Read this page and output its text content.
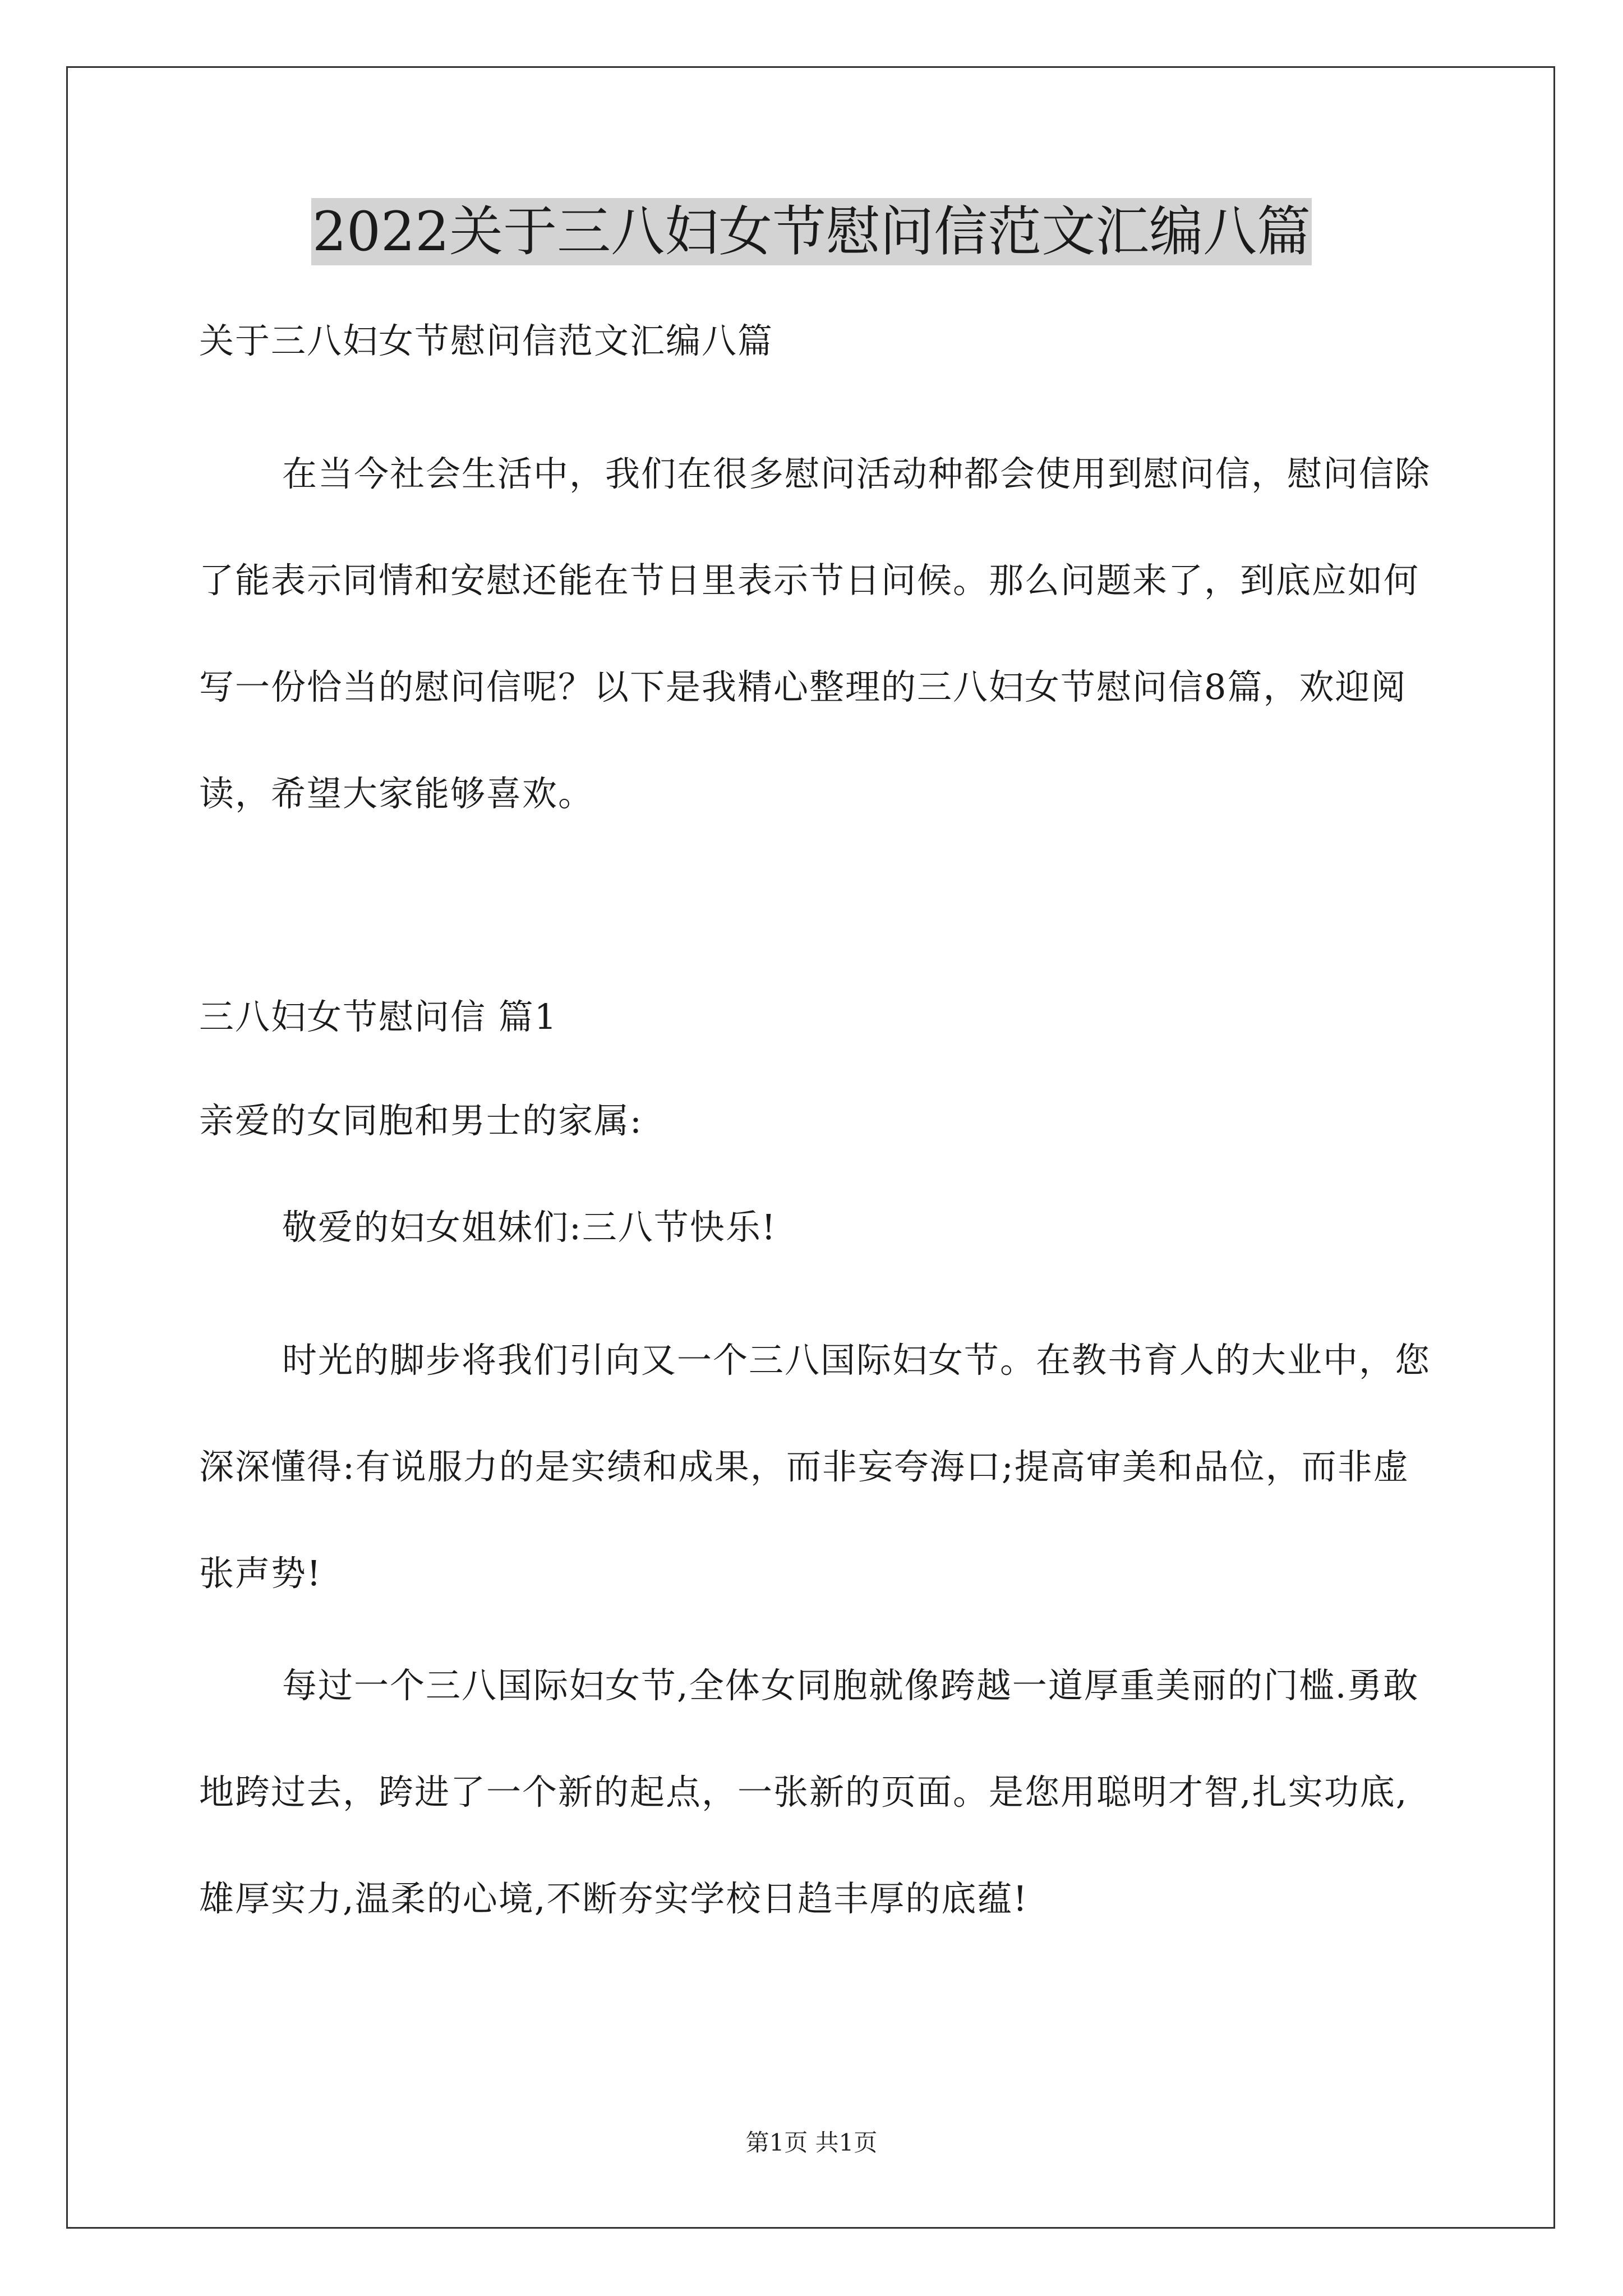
2022关于三八妇女节慰问信范文汇编八篇
关于三八妇女节慰问信范文汇编八篇
在当今社会生活中，我们在很多慰问活动种都会使用到慰问信，慰问信除了能表示同情和安慰还能在节日里表示节日问候。那么问题来了，到底应如何写一份恰当的慰问信呢？以下是我精心整理的三八妇女节慰问信8篇，欢迎阅读，希望大家能够喜欢。
三八妇女节慰问信 篇1
亲爱的女同胞和男士的家属:
敬爱的妇女姐妹们:三八节快乐!
时光的脚步将我们引向又一个三八国际妇女节。在教书育人的大业中，您深深懂得:有说服力的是实绩和成果，而非妄夸海口;提高审美和品位，而非虚张声势!
每过一个三八国际妇女节,全体女同胞就像跨越一道厚重美丽的门槛.勇敢地跨过去，跨进了一个新的起点，一张新的页面。是您用聪明才智,扎实功底,雄厚实力,温柔的心境,不断夯实学校日趋丰厚的底蕴!
第1页 共1页
